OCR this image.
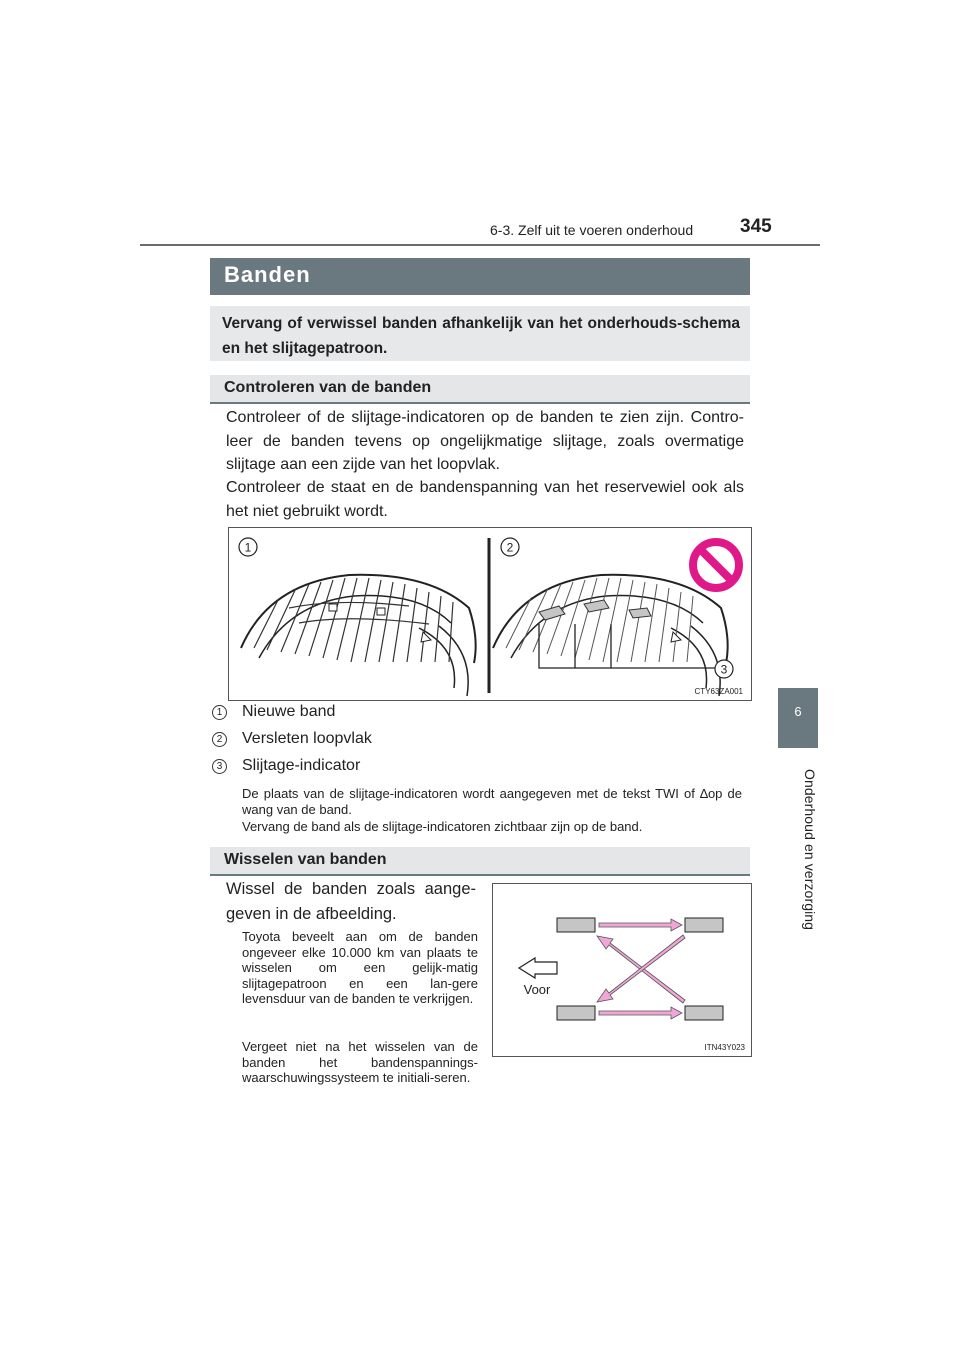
6-3. Zelf uit te voeren onderhoud 345
6
Onderhoud en verzorging
Banden
Vervang of verwissel banden afhankelijk van het onderhouds-schema en het slijtagepatroon.
Controleren van de banden
Controleer of de slijtage-indicatoren op de banden te zien zijn. Contro-leer de banden tevens op ongelijkmatige slijtage, zoals overmatige slijtage aan een zijde van het loopvlak.
Controleer de staat en de bandenspanning van het reservewiel ook als het niet gebruikt wordt.
1	2
3
CTY63ZA001
1 Nieuwe band
2 Versleten loopvlak
3 Slijtage-indicator
De plaats van de slijtage-indicatoren wordt aangegeven met de tekst TWI of ∆op de wang van de band.
Vervang de band als de slijtage-indicatoren zichtbaar zijn op de band.
Wisselen van banden
Wissel de banden zoals aange-geven in de afbeelding.
Toyota beveelt aan om de banden ongeveer elke 10.000 km van plaats te wisselen om een gelijk-matig slijtagepatroon en een lan-gere levensduur van de banden te verkrijgen.
Vergeet niet na het wisselen van de banden het bandenspannings-waarschuwingssysteem te initiali-seren.
Voor
ITN43Y023
